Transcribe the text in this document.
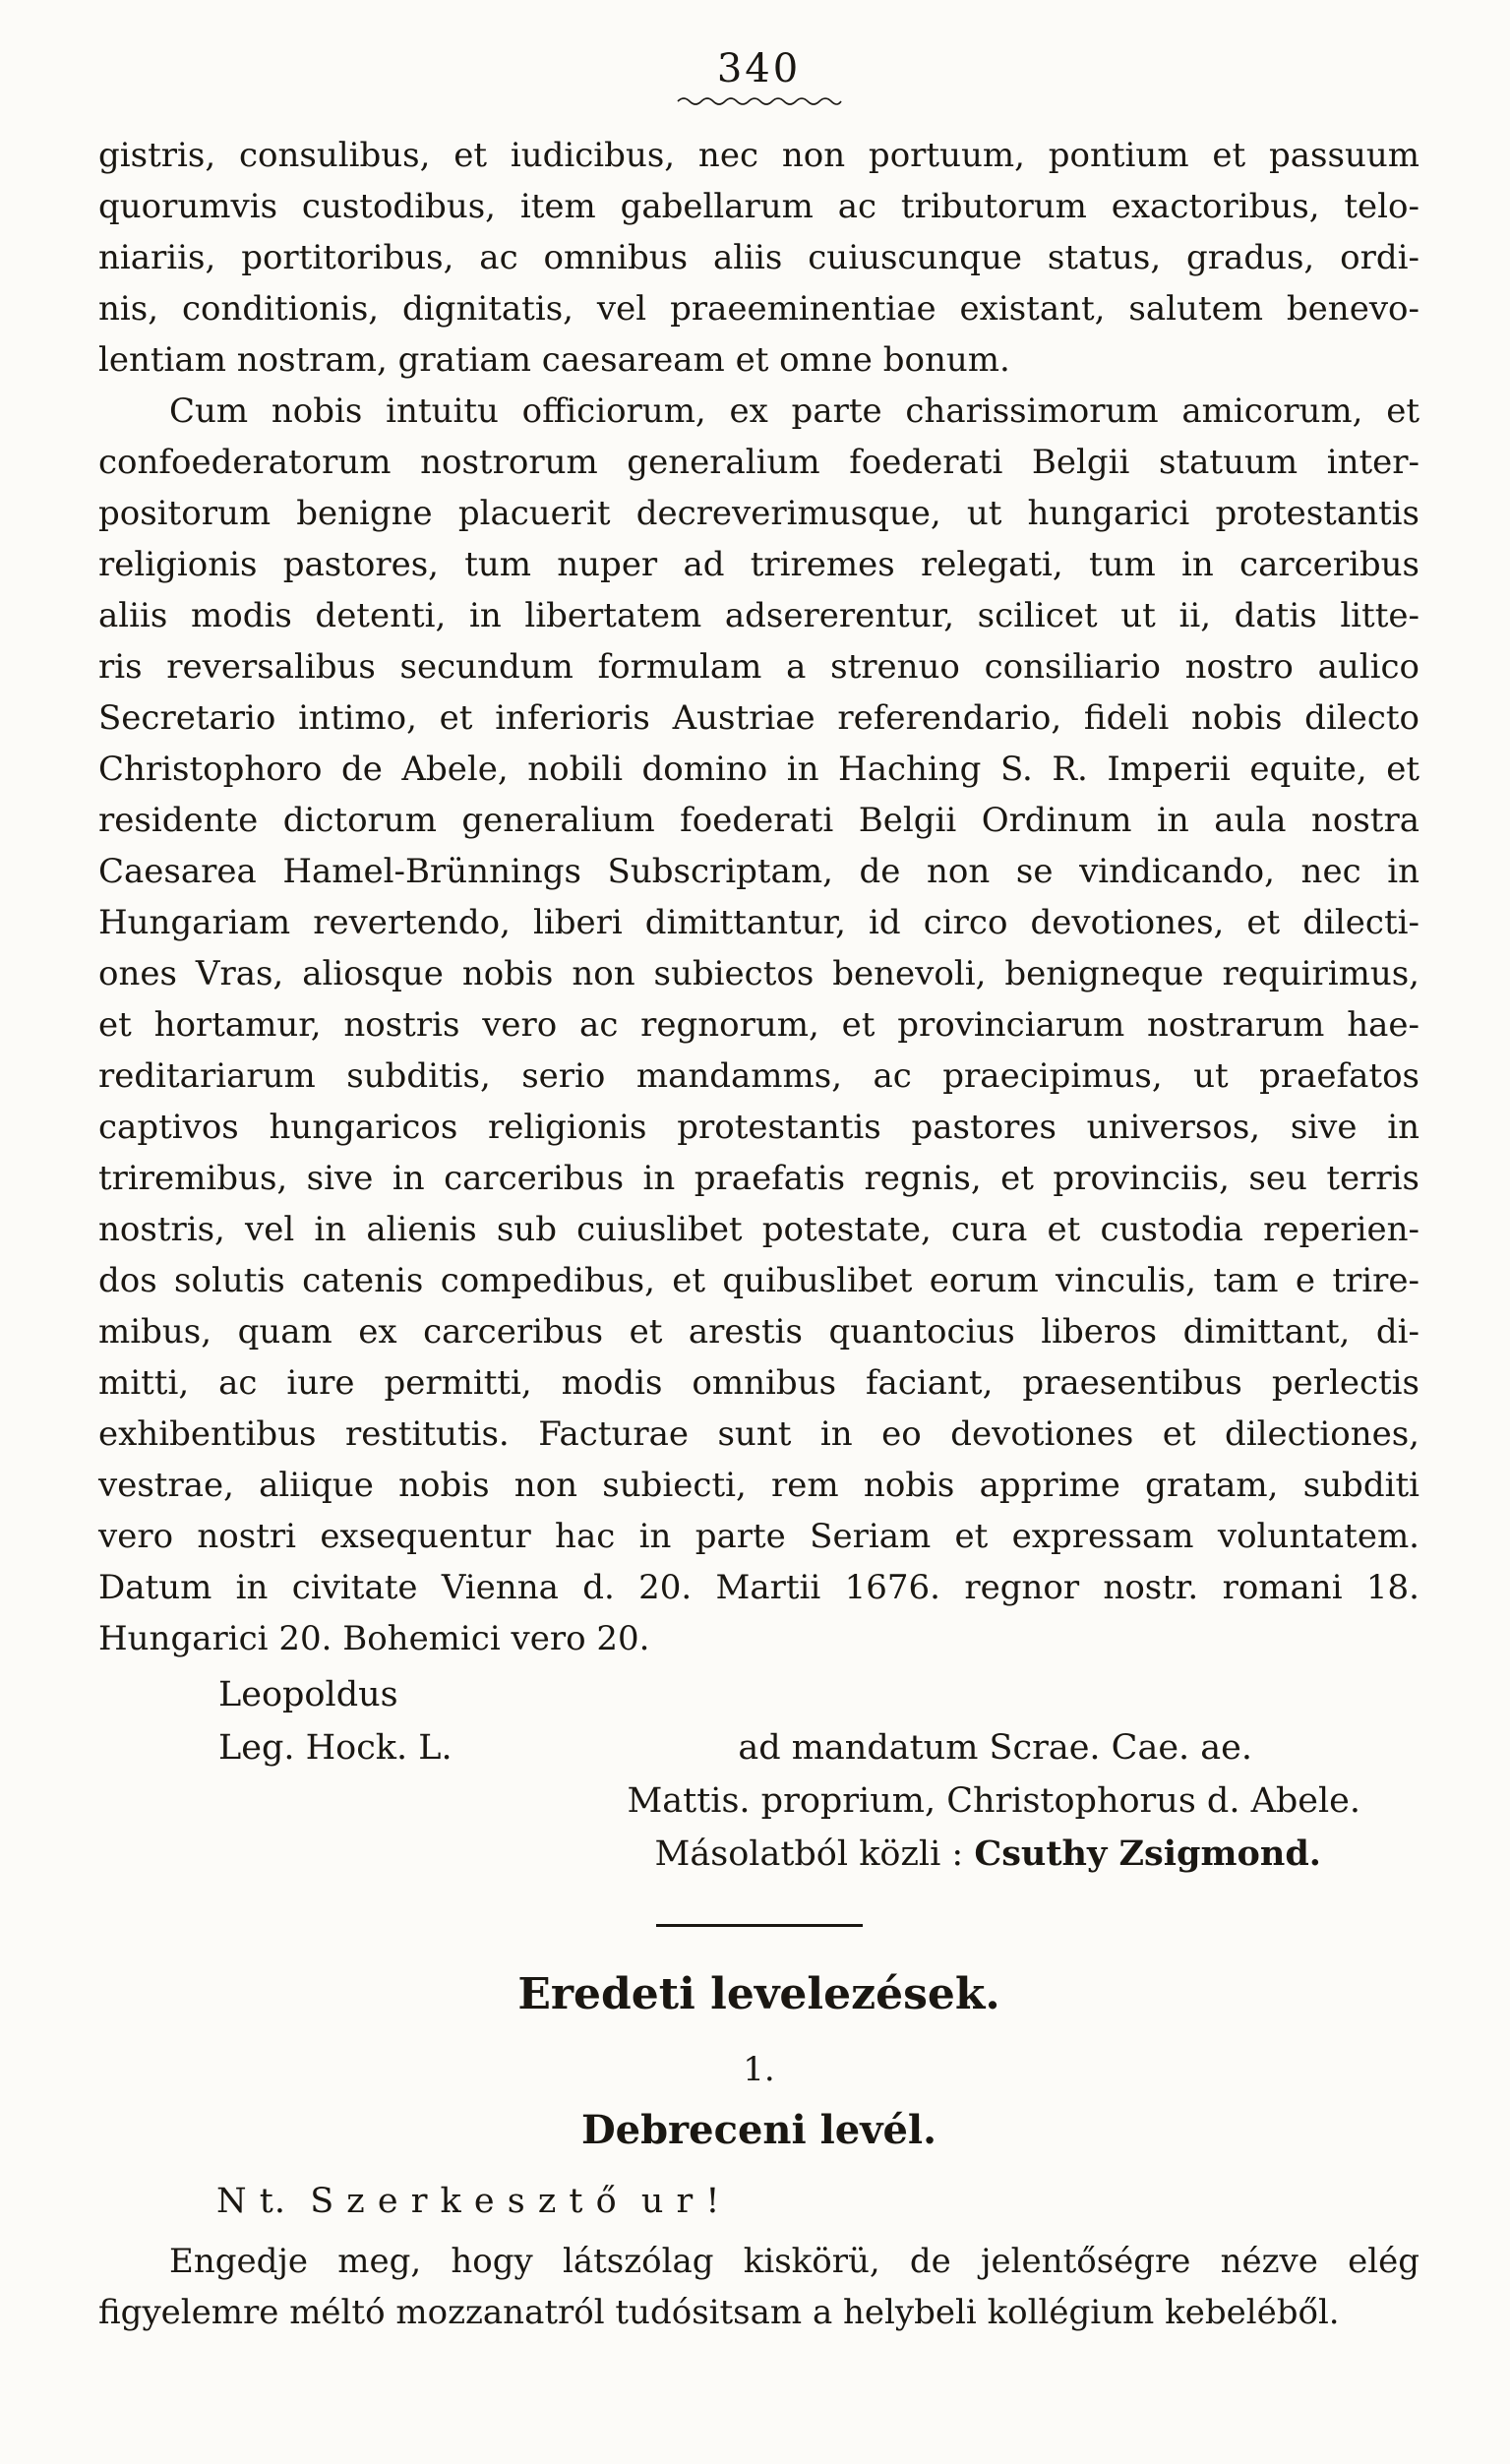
340
gistris, consulibus, et iudicibus, nec non portuum, pontium et passuum
quorumvis custodibus, item gabellarum ac tributorum exactoribus, telo-
niariis, portitoribus, ac omnibus aliis cuiuscunque status, gradus, ordi-
nis, conditionis, dignitatis, vel praeeminentiae existant, salutem benevo-
lentiam nostram, gratiam caesaream et omne bonum.
Cum nobis intuitu officiorum, ex parte charissimorum amicorum, et
confoederatorum nostrorum generalium foederati Belgii statuum inter-
positorum benigne placuerit decreverimusque, ut hungarici protestantis
religionis pastores, tum nuper ad triremes relegati, tum in carceribus
aliis modis detenti, in libertatem adsererentur, scilicet ut ii, datis litte-
ris reversalibus secundum formulam a strenuo consiliario nostro aulico
Secretario intimo, et inferioris Austriae referendario, fideli nobis dilecto
Christophoro de Abele, nobili domino in Haching S. R. Imperii equite, et
residente dictorum generalium foederati Belgii Ordinum in aula nostra
Caesarea Hamel-Brünnings Subscriptam, de non se vindicando, nec in
Hungariam revertendo, liberi dimittantur, id circo devotiones, et dilecti-
ones Vras, aliosque nobis non subiectos benevoli, benigneque requirimus,
et hortamur, nostris vero ac regnorum, et provinciarum nostrarum hae-
reditariarum subditis, serio mandamms, ac praecipimus, ut praefatos
captivos hungaricos religionis protestantis pastores universos, sive in
triremibus, sive in carceribus in praefatis regnis, et provinciis, seu terris
nostris, vel in alienis sub cuiuslibet potestate, cura et custodia reperien-
dos solutis catenis compedibus, et quibuslibet eorum vinculis, tam e trire-
mibus, quam ex carceribus et arestis quantocius liberos dimittant, di-
mitti, ac iure permitti, modis omnibus faciant, praesentibus perlectis
exhibentibus restitutis. Facturae sunt in eo devotiones et dilectiones,
vestrae, aliique nobis non subiecti, rem nobis apprime gratam, subditi
vero nostri exsequentur hac in parte Seriam et expressam voluntatem.
Datum in civitate Vienna d. 20. Martii 1676. regnor nostr. romani 18.
Hungarici 20. Bohemici vero 20.
Leopoldus
Leg. Hock. L.	ad mandatum Scrae. Cae. ae.
Mattis. proprium, Christophorus d. Abele.
Másolatból közli : Csuthy Zsigmond.
Eredeti levelezések.
1.
Debreceni levél.
N t.  S z e r k e s z t ő  u r !
Engedje meg, hogy látszólag kiskörü, de jelentőségre nézve elég
figyelemre méltó mozzanatról tudósitsam a helybeli kollégium kebeléből.
